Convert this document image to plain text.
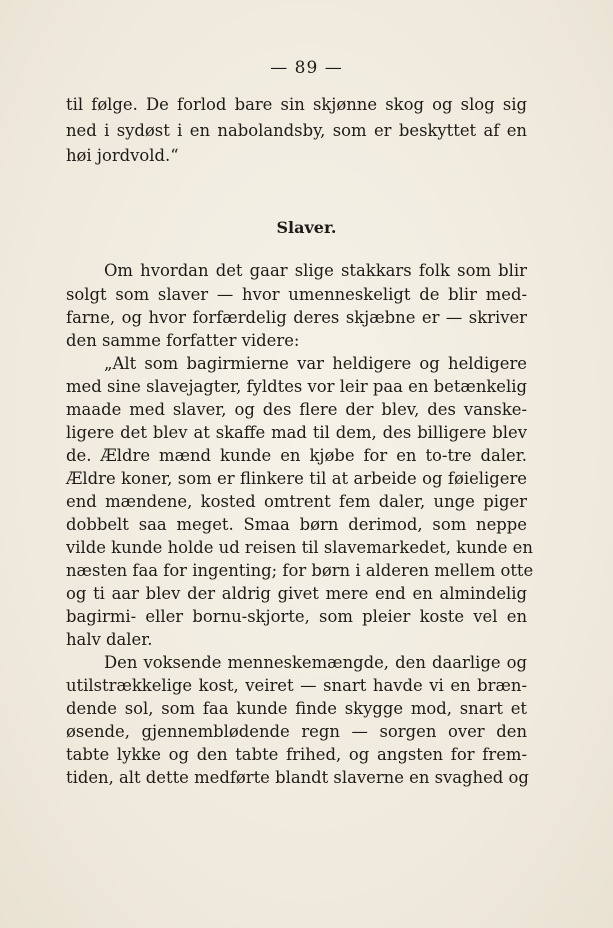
— 89 —
til følge. De forlod bare sin skjønne skog og slog sig
ned i sydøst i en nabolandsby, som er beskyttet af en
høi jordvold.“
Slaver.
Om hvordan det gaar slige stakkars folk som blir
solgt som slaver — hvor umenneskeligt de blir med-
farne, og hvor forfærdelig deres skjæbne er — skriver
den samme forfatter videre:
„Alt som bagirmierne var heldigere og heldigere
med sine slavejagter, fyldtes vor leir paa en betænkelig
maade med slaver, og des flere der blev, des vanske-
ligere det blev at skaffe mad til dem, des billigere blev
de. Ældre mænd kunde en kjøbe for en to-tre daler.
Ældre koner, som er flinkere til at arbeide og føieligere
end mændene, kosted omtrent fem daler, unge piger
dobbelt saa meget. Smaa børn derimod, som neppe
vilde kunde holde ud reisen til slavemarkedet, kunde en
næsten faa for ingenting; for børn i alderen mellem otte
og ti aar blev der aldrig givet mere end en almindelig
bagirmi- eller bornu-skjorte, som pleier koste vel en
halv daler.
Den voksende menneskemængde, den daarlige og
utilstrækkelige kost, veiret — snart havde vi en bræn-
dende sol, som faa kunde finde skygge mod, snart et
øsende, gjennemblødende regn — sorgen over den
tabte lykke og den tabte frihed, og angsten for frem-
tiden, alt dette medførte blandt slaverne en svaghed og
